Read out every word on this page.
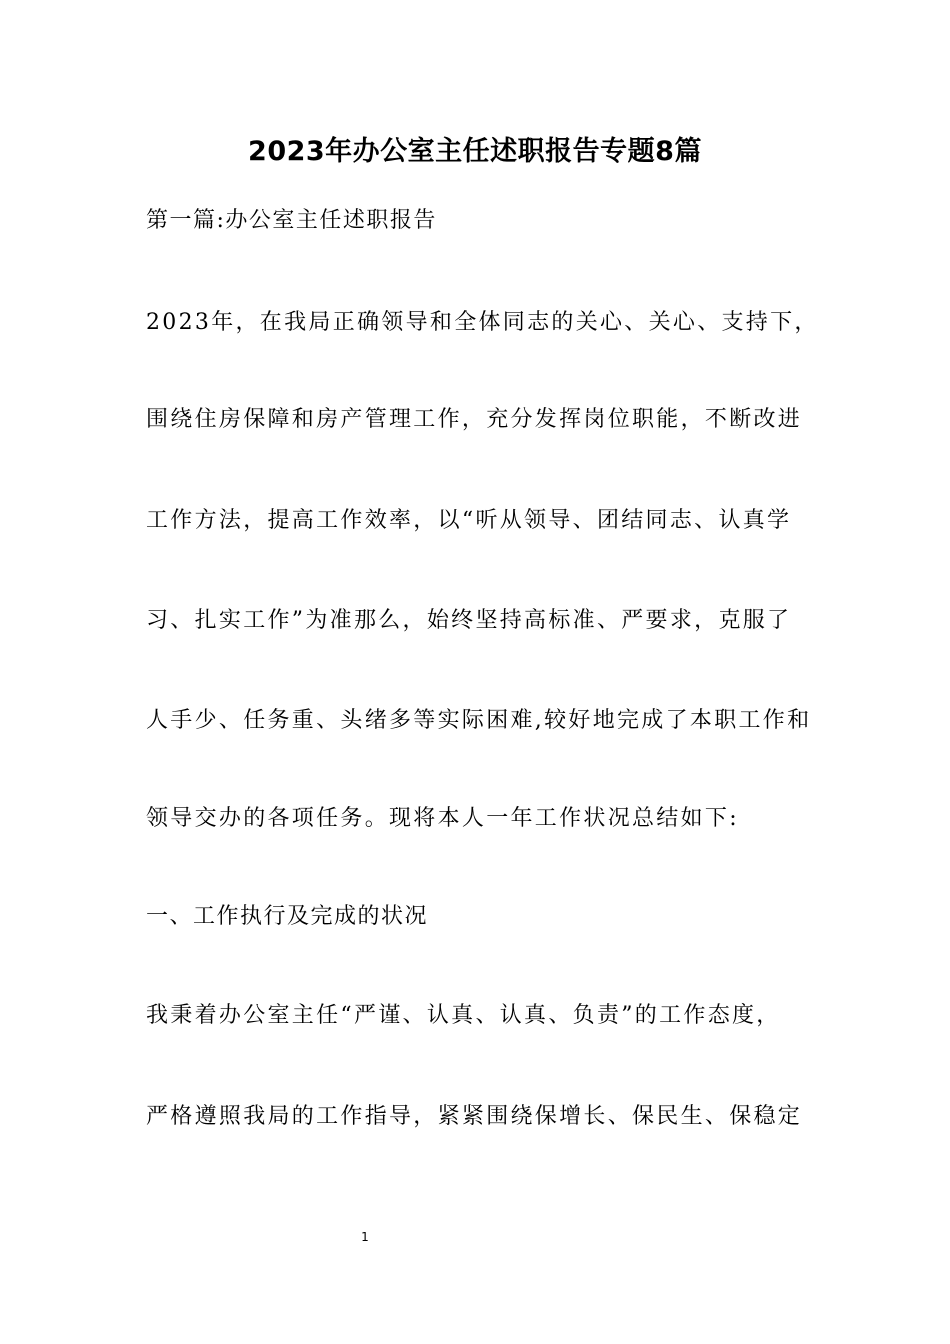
2023年办公室主任述职报告专题8篇
第一篇:办公室主任述职报告
2023年，在我局正确领导和全体同志的关心、关心、支持下，
围绕住房保障和房产管理工作，充分发挥岗位职能，不断改进
工作方法，提高工作效率，以“听从领导、团结同志、认真学
习、扎实工作”为准那么，始终坚持高标准、严要求，克服了
人手少、任务重、头绪多等实际困难,较好地完成了本职工作和
领导交办的各项任务。现将本人一年工作状况总结如下:
一、工作执行及完成的状况
我秉着办公室主任“严谨、认真、认真、负责”的工作态度，
严格遵照我局的工作指导，紧紧围绕保增长、保民生、保稳定
1
